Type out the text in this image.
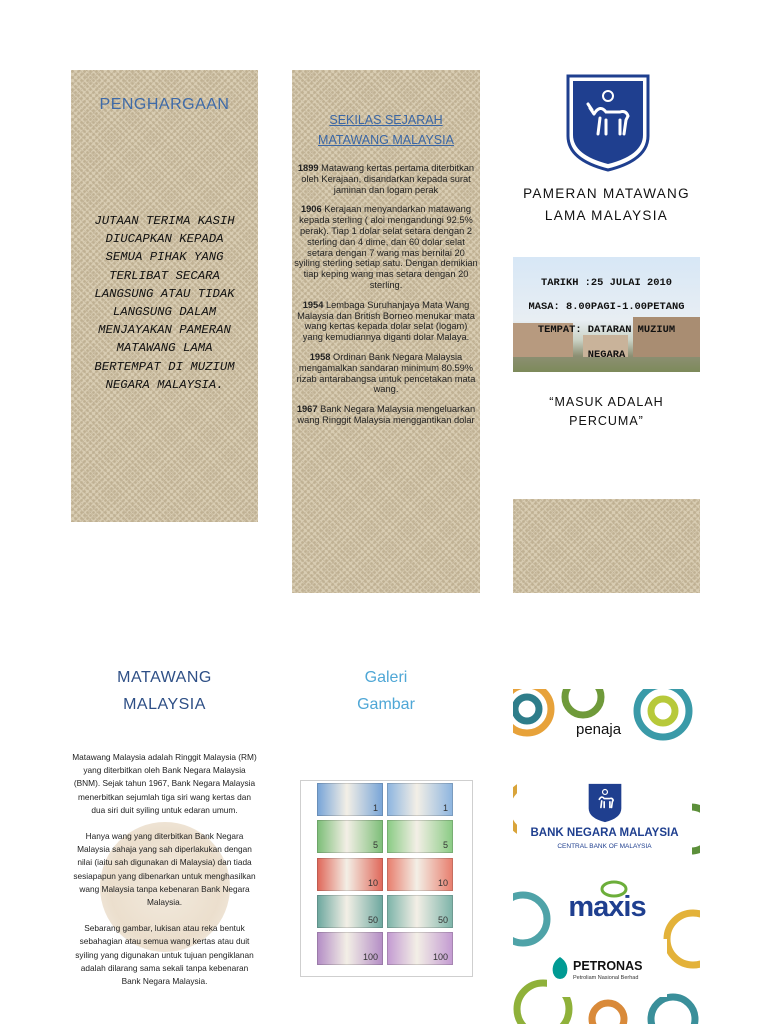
PENGHARGAAN
JUTAAN TERIMA KASIH
DIUCAPKAN KEPADA
SEMUA PIHAK YANG
TERLIBAT SECARA
LANGSUNG ATAU TIDAK
LANGSUNG DALAM
MENJAYAKAN PAMERAN
MATAWANG LAMA
BERTEMPAT DI MUZIUM
NEGARA MALAYSIA.
SEKILAS SEJARAH
MATAWANG MALAYSIA
1899 Matawang kertas pertama diterbitkan oleh Kerajaan, disandarkan kepada surat jaminan dan logam perak
1906 Kerajaan menyandarkan matawang kepada sterling ( aloi mengandungi 92.5% perak). Tiap 1 dolar selat setara dengan 2 sterling dan 4 dime, dan 60 dolar selat setara dengan 7 wang mas bernilai 20 syiling sterling setiap satu. Dengan demikian tiap keping wang mas setara dengan 20 sterling.
1954 Lembaga Suruhanjaya Mata Wang Malaysia dan British Borneo menukar mata wang kertas kepada dolar selat (logam) yang kemudiannya diganti dolar Malaya.
1958 Ordinan Bank Negara Malaysia mengamalkan sandaran minimum 80.59% rizab antarabangsa untuk pencetakan mata wang.
1967 Bank Negara Malaysia mengeluarkan wang Ringgit Malaysia menggantikan dolar
PAMERAN MATAWANG
LAMA MALAYSIA
TARIKH :25 JULAI 2010
MASA: 8.00PAGI-1.00PETANG
TEMPAT: DATARAN MUZIUM
NEGARA
“MASUK ADALAH
PERCUMA”
MATAWANG
MALAYSIA

Matawang Malaysia adalah Ringgit Malaysia (RM) yang diterbitkan oleh Bank Negara Malaysia (BNM). Sejak tahun 1967, Bank Negara Malaysia menerbitkan sejumlah tiga siri wang kertas dan dua siri duit syiling untuk edaran umum.

Hanya wang yang diterbitkan Bank Negara Malaysia sahaja yang sah diperlakukan dengan nilai (iaitu sah digunakan di Malaysia) dan tiada sesiapapun yang dibenarkan untuk menghasilkan wang Malaysia tanpa kebenaran Bank Negara Malaysia.

Sebarang gambar, lukisan atau reka bentuk sebahagian atau semua wang kertas atau duit syiling yang digunakan untuk tujuan pengiklanan adalah dilarang sama sekali tanpa kebenaran Bank Negara Malaysia.

Galeri
Gambar
1	1
5	5
10	10
50	50
100	100
penaja
BANK NEGARA MALAYSIA
CENTRAL BANK OF MALAYSIA
maxis
PETRONAS
Petroliam Nasional Berhad
